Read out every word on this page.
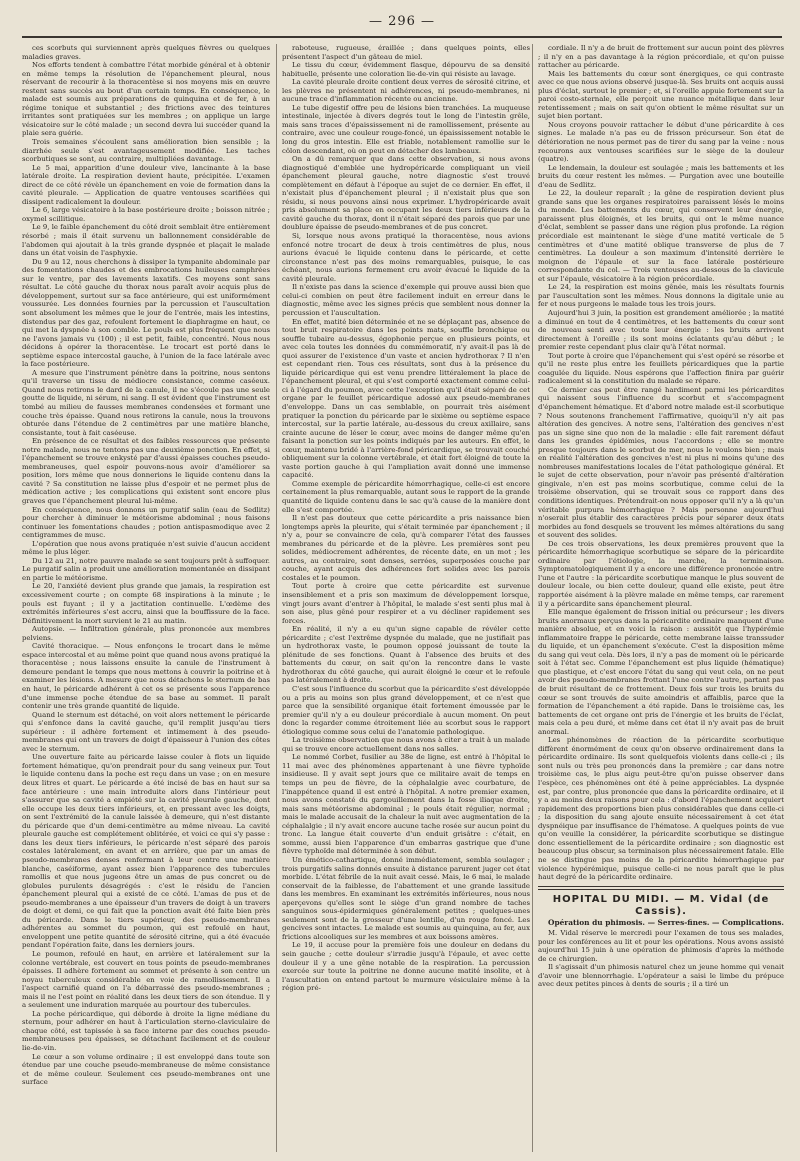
— 296 —

ces scorbuts qui surviennent après quelques fièvres ou quelques maladies graves.

Nos efforts tendent à combattre l'état morbide général et à obtenir en même temps la résolution de l'épanchement pleural, nous réservant de recourir à la thoracentèse si nos moyens mis en œuvre restent sans succès au bout d'un certain temps. En conséquence, le malade est soumis aux préparations de quinquina et de fer, à un régime tonique et substantiel ; des frictions avec des teintures irritantes sont pratiquées sur les membres ; on applique un large vésicatoire sur le côté malade ; un second devra lui succéder quand la plaie sera guérie.

Trois semaines s'écoulent sans amélioration bien sensible ; la diarrhée seule s'est avantageusement modifiée. Les taches scorbutiques se sont, au contraire, multipliées davantage.

Le 5 mai, apparition d'une douleur vive, lancinante à la base latérale droite. La respiration devient haute, précipitée. L'examen direct de ce côté révèle un épanchement en voie de formation dans la cavité pleurale. — Application de quatre ventouses scarifiées qui dissipent radicalement la douleur.

Le 6, large vésicatoire à la base postérieure droite ; boisson nitrée ; oxymel scillitique.

Le 9, le faible épanchement du côté droit semblait être entièrement résorbé ; mais il était survenu un ballonnement considérable de l'abdomen qui ajoutait à la très grande dyspnée et plaçait le malade dans un état voisin de l'asphyxie.

Du 9 au 12, nous cherchons à dissiper la tympanite abdominale par des fomentations chaudes et des embrocations huileuses camphrées sur le ventre, par des lavements laxatifs. Ces moyens sont sans résultat. Le côté gauche du thorax nous paraît avoir acquis plus de développement, surtout sur sa face antérieure, qui est uniformément voussurée. Les données fournies par la percussion et l'auscultation sont absolument les mêmes que le jour de l'entrée, mais les intestins, distendus par des gaz, refoulent fortement le diaphragme en haut, ce qui met la dyspnée à son comble. Le pouls est plus fréquent que nous ne l'avons jamais vu (100) ; il est petit, faible, concentré. Nous nous décidons à opérer la thoracentèse. Le trocart est porté dans le septième espace intercostal gauche, à l'union de la face latérale avec la face postérieure.

A mesure que l'instrument pénètre dans la poitrine, nous sentons qu'il traverse un tissu de médiocre consistance, comme caséeux. Quand nous retirons le dard de la canule, il ne s'écoule pas une seule goutte de liquide, ni sérum, ni sang. Il est évident que l'instrument est tombé au milieu de fausses membranes condensées et formant une couche très épaisse. Quand nous retirons la canule, nous la trouvons obturée dans l'étendue de 2 centimètres par une matière blanche, consistante, tout à fait caséeuse.

En présence de ce résultat et des faibles ressources que présente notre malade, nous ne tentons pas une deuxième ponction. En effet, si l'épanchement se trouve enkysté par d'aussi épaisses couches pseudo-membraneuses, quel espoir pouvons-nous avoir d'améliorer sa position, lors même que nous donnerions le liquide contenu dans la cavité ? Sa constitution ne laisse plus d'espoir et ne permet plus de médication active ; les complications qui existent sont encore plus graves que l'épanchement pleural lui-même.

En conséquence, nous donnons un purgatif salin (eau de Sedlitz) pour chercher à diminuer le météorisme abdominal ; nous faisons continuer les fomentations chaudes ; potion antispasmodique avec 2 centigrammes de musc.

L'opération que nous avons pratiquée n'est suivie d'aucun accident même le plus léger.

Du 12 au 21, notre pauvre malade se sent toujours prêt à suffoquer. Le purgatif salin a produit une amélioration momentanée en dissipant en partie le météorisme.

Le 20, l'anxiété devient plus grande que jamais, la respiration est excessivement courte ; on compte 68 inspirations à la minute ; le pouls est fuyant ; il y a jactitation continuelle. L'œdème des extrémités inférieures s'est accru, ainsi que la bouffissure de la face. Définitivement la mort survient le 21 au matin.

Autopsie. — Infiltration générale, plus prononcée aux membres pelviens.

Cavité thoracique. — Nous enfonçons le trocart dans le même espace intercostal et au même point que quand nous avons pratiqué la thoracentèse ; nous laissons ensuite la canule de l'instrument à demeure pendant le temps que nous mettons à couvrir la poitrine et à examiner les lésions. A mesure que nous détachons le sternum de bas en haut, le péricarde adhérent à cet os se présente sous l'apparence d'une immense poche étendue de sa base au sommet. Il paraît contenir une très grande quantité de liquide.

Quand le sternum est détaché, on voit alors nettement le péricarde qui s'enfonce dans la cavité gauche, qu'il remplit jusqu'au tiers supérieur : il adhère fortement et intimement à des pseudo-membranes qui ont un travers de doigt d'épaisseur à l'union des côtes avec le sternum.

Une ouverture faite au péricarde laisse couler à flots un liquide fortement hématique, qu'on prendrait pour du sang veineux pur. Tout le liquide contenu dans la poche est reçu dans un vase ; on en mesure deux litres et quart. Le péricarde a été incisé de bas en haut sur sa face antérieure : une main introduite alors dans l'intérieur peut s'assurer que sa cavité a empiété sur la cavité pleurale gauche, dont elle occupe les deux tiers inférieurs, et, en pressant avec les doigts, on sent l'extrémité de la canule laissée à demeure, qui n'est distante du péricarde que d'un demi-centimètre au même niveau. La cavité pleurale gauche est complétement oblitérée, et voici ce qui s'y passe : dans les deux tiers inférieurs, le péricarde n'est séparé des parois costales latéralement, en avant et en arrière, que par un amas de pseudo-membranes denses renfermant à leur centre une matière blanche, caséiforme, ayant assez bien l'apparence des tubercules ramollis et que nous jugeons être un amas de pus concret ou de globules purulents désagrégés : c'est le résidu de l'ancien épanchement pleural qui a existé de ce côté. L'amas de pus et de pseudo-membranes a une épaisseur d'un travers de doigt à un travers de doigt et demi, ce qui fait que la ponction avait été faite bien près du péricarde. Dans le tiers supérieur, des pseudo-membranes adhérentes au sommet du poumon, qui est refoulé en haut, enveloppent une petite quantité de sérosité citrine, qui a été évacuée pendant l'opération faite, dans les derniers jours.

Le poumon, refoulé en haut, en arrière et latéralement sur la colonne vertébrale, est couvert en tous points de pseudo-membranes épaisses. Il adhère fortement au sommet et présente à son centre un noyau tuberculeux considérable en voie de ramollissement. Il a l'aspect carnifié quand on l'a débarrassé des pseudo-membranes ; mais il ne l'est point en réalité dans les deux tiers de son étendue. Il y a seulement une induration marquée au pourtour des tubercules.

La poche péricardique, qui déborde à droite la ligne médiane du sternum, pour adhérer en haut à l'articulation sterno-claviculaire de chaque côté, est tapissée à sa face interne par des couches pseudo-membraneuses peu épaisses, se détachant facilement et de couleur lie-de-vin.

Le cœur a son volume ordinaire ; il est enveloppé dans toute son étendue par une couche pseudo-membraneuse de même consistance et de même couleur. Seulement ces pseudo-membranes ont une surface

raboteuse, rugueuse, éraillée ; dans quelques points, elles présentent l'aspect d'un gâteau de miel.

Le tissu du cœur, évidemment flasque, dépourvu de sa densité habituelle, présente une coloration lie-de-vin qui résiste au lavage.

La cavité pleurale droite contient deux verres de sérosité citrine, et les plèvres ne présentent ni adhérences, ni pseudo-membranes, ni aucune trace d'inflammation récente ou ancienne.

Le tube digestif offre peu de lésions bien tranchées. La muqueuse intestinale, injectée à divers degrés tout le long de l'intestin grêle, mais sans traces d'épaississement ni de ramollissement, présente au contraire, avec une couleur rouge-foncé, un épaississement notable le long du gros intestin. Elle est friable, notablement ramollie sur le côlon descendant, où on peut en détacher des lambeaux.

On a dû remarquer que dans cette observation, si nous avons diagnostiqué d'emblée une hydropéricarde compliquant un vieil épanchement pleural gauche, notre diagnostic s'est trouvé complètement en défaut à l'époque au sujet de ce dernier. En effet, il n'existait plus d'épanchement pleural ; il n'existait plus que son résidu, si nous pouvons ainsi nous exprimer. L'hydropéricarde avait pris absolument sa place en occupant les deux tiers inférieurs de la cavité gauche du thorax, dont il n'était séparé des parois que par une doublure épaisse de pseudo-membranes et de pus concret.

Si, lorsque nous avons pratiqué la thoracentèse, nous avions enfoncé notre trocart de deux à trois centimètres de plus, nous aurions évacué le liquide contenu dans le péricarde, et cette circonstance n'est pas des moins remarquables, puisque, le cas échéant, nous aurions fermement cru avoir évacué le liquide de la cavité pleurale.

Il n'existe pas dans la science d'exemple qui prouve aussi bien que celui-ci combien on peut être facilement induit en erreur dans le diagnostic, même avec les signes précis que semblent nous donner la percussion et l'auscultation.

En effet, matité bien déterminée et ne se déplaçant pas, absence de tout bruit respiratoire dans les points mats, souffle bronchique ou souffle tubaire au-dessus, égophonie perçue en plusieurs points, et avec cela toutes les données du commémoratif, n'y avait-il pas là de quoi assurer de l'existence d'un vaste et ancien hydrothorax ? Il n'en est cependant rien. Tous ces résultats, sont dus à la présence du liquide péricardique qui est venu prendre littéralement la place de l'épanchement pleural, et qui s'est comporté exactement comme celui-ci à l'égard du poumon, avec cette l'exception qu'il était séparé de cet organe par le feuillet péricardique adossé aux pseudo-membranes d'enveloppe. Dans un cas semblable, on pourrait très aisément pratiquer la ponction du péricarde par le sixième ou septième espace intercostal, sur la partie latérale, au-dessous du creux axillaire, sans crainte aucune de léser le cœur, avec moins de danger même qu'en faisant la ponction sur les points indiqués par les auteurs. En effet, le cœur, maintenu bridé à l'arrière-fond péricardique, se trouvait couché obliquement sur la colonne vertébrale, et était fort éloigné de toute la vaste portion gauche à qui l'ampliation avait donné une immense capacité.

Comme exemple de péricardite hémorrhagique, celle-ci est encore certainement la plus remarquable, autant sous le rapport de la grande quantité de liquide contenu dans le sac qu'à cause de la manière dont elle s'est comportée.

Il n'est pas douteux que cette péricardite a pris naissance bien longtemps après la pleurite, qui s'était terminée par épanchement ; il n'y a, pour se convaincre de cela, qu'à comparer l'état des fausses membranes du péricarde et de la plèvre. Les premières sont peu solides, médiocrement adhérentes, de récente date, en un mot ; les autres, au contraire, sont denses, serrées, superposées couche par couche, ayant acquis des adhérences fort solides avec les parois costales et le poumon.

Tout porte à croire que cette péricardite est survenue insensiblement et a pris son maximum de développement lorsque, vingt jours avant d'entrer à l'hôpital, le malade s'est senti plus mal à son aise, plus gêné pour respirer et a vu décliner rapidement ses forces.

En réalité, il n'y a eu qu'un signe capable de révéler cette péricardite ; c'est l'extrême dyspnée du malade, que ne justifiait pas un hydrothorax vaste, le poumon opposé jouissant de toute la plénitude de ses fonctions. Quant à l'absence des bruits et des battements du cœur, on sait qu'on la rencontre dans le vaste hydrothorax du côté gauche, qui aurait éloigné le cœur et le refoule pas latéralement à droite.

C'est sous l'influence du scorbut que la péricardite s'est développée ou a pris au moins son plus grand développement, et ce n'est que parce que la sensibilité organique était fortement émoussée par le premier qu'il n'y a eu douleur précordiale à aucun moment. On peut donc la regarder comme étroitement liée au scorbut sous le rapport étiologique comme sous celui de l'anatomie pathologique.

La troisième observation que nous avons à citer a trait à un malade qui se trouve encore actuellement dans nos salles.

Le nommé Corbet, fusilier au 38e de ligne, est entré à l'hôpital le 11 mai avec des phénomènes appartenant à une fièvre typhoïde insidieuse. Il y avait sept jours que ce militaire avait de temps en temps un peu de fièvre, de la céphalalgie avec courbature, de l'inappétence quand il est entré à l'hôpital. A notre premier examen, nous avons constaté du gargouillement dans la fosse iliaque droite, mais sans météorisme abdominal ; le pouls était régulier, normal ; mais le malade accusait de la chaleur la nuit avec augmentation de la céphalalgie ; il n'y avait encore aucune tache rosée sur aucun point du tronc. La langue était couverte d'un enduit grisâtre : c'était, en somme, aussi bien l'apparence d'un embarras gastrique que d'une fièvre typhoïde mal déterminée à son début.

Un émético-cathartique, donné immédiatement, sembla soulager ; trois purgatifs salins donnés ensuite à distance parurent juger cet état morbide. L'état fébrile de la nuit avait cessé. Mais, le 6 mai, le malade conservait de la faiblesse, de l'abattement et une grande lassitude dans les membres. En examinant les extrémités inférieures, nous nous aperçevons qu'elles sont le siège d'un grand nombre de taches sanguinos sous-épidermiques généralement petites ; quelques-unes seulement sont de la grosseur d'une lentille, d'un rouge foncé. Les gencives sont intactes. Le malade est soumis au quinquina, au fer, aux frictions alcooliques sur les membres et aux boissons amères.

Le 19, il accuse pour la première fois une douleur en dedans du sein gauche ; cette douleur s'irradie jusqu'à l'épaule, et avec cette douleur il y a une gêne notable de la respiration. La percussion exercée sur toute la poitrine ne donne aucune matité insolite, et à l'auscultation on entend partout le murmure vésiculaire même à la région pré-

cordiale. Il n'y a de bruit de frottement sur aucun point des plèvres ; il n'y en a pas davantage à la région précordiale, et qu'on puisse rattacher au péricarde.

Mais les battements du cœur sont énergiques, ce qui contraste avec ce que nous avions observé jusque-là. Ses bruits ont acquis aussi plus d'éclat, surtout le premier ; et, si l'oreille appuie fortement sur la paroi costo-sternale, elle perçoit une nuance métallique dans leur retentissement ; mais on sait qu'on obtient le même résultat sur un sujet bien portant.

Nous croyons pouvoir rattacher le début d'une péricardite à ces signes. Le malade n'a pas eu de frisson précurseur. Son état de détérioration ne nous permet pas de tirer du sang par la veine : nous recourons aux ventouses scarifiées sur le siège de la douleur (quatre).

Le lendemain, la douleur est soulagée ; mais les battements et les bruits du cœur restent les mêmes. — Purgation avec une bouteille d'eau de Sedlitz.

Le 22, la douleur reparaît ; la gêne de respiration devient plus grande sans que les organes respiratoires paraissent lésés le moins du monde. Les battements du cœur, qui conservent leur énergie, paraissent plus éloignés, et les bruits, qui ont le même nuance d'éclat, semblent se passer dans une région plus profonde. La région précordiale est maintenant le siège d'une matité verticale de 5 centimètres et d'une matité oblique transverse de plus de 7 centimètres. La douleur a son maximum d'intensité derrière le moignon de l'épaule et sur la face latérale postérieure correspondante du col. — Trois ventouses au-dessous de la clavicule et sur l'épaule, vésicatoire à la région précordiale.

Le 24, la respiration est moins gênée, mais les résultats fournis par l'auscultation sont les mêmes. Nous donnons la digitale unie au fer et nous purgeons le malade tous les trois jours.

Aujourd'hui 3 juin, la position est grandement améliorée ; la matité a diminué en tout de 4 centimètres, et les battements du cœur sont de nouveau senti avec toute leur énergie : les bruits arrivent directement à l'oreille ; ils sont moins éclatants qu'au début ; le premier reste cependant plus clair qu'à l'état normal.

Tout porte à croire que l'épanchement qui s'est opéré se résorbe et qu'il ne reste plus entre les feuillets péricardiques que la partie coagulée du liquide. Nous espérons que l'affection finira par guérir radicalement si la constitution du malade se répare.

Ce dernier cas peut être rangé hardiment parmi les péricardites qui naissent sous l'influence du scorbut et s'accompagnent d'épanchement hématique. Et d'abord notre malade est-il scorbutique ? Nous soutenons franchement l'affirmative, quoiqu'il n'y ait pas altération des gencives. A notre sens, l'altération des gencives n'est pas un signe sine quo non de la maladie : elle fait rarement défaut dans les grandes épidémies, nous l'accordons ; elle se montre presque toujours dans le scorbut de mer, nous le voulons bien ; mais en réalité l'altération des gencives n'est ni plus ni moins qu'une des nombreuses manifestations locales de l'état pathologique général. Et le sujet de cette observation, pour n'avoir pas présenté d'altération gingivale, n'en est pas moins scorbutique, comme celui de la troisième observation, qui se trouvait sous ce rapport dans des conditions identiques. Prétendrait-on nous opposer qu'il n'y a là qu'un véritable purpura hémorrhagique ? Mais personne aujourd'hui n'oserait plus établir des caractères précis pour séparer deux états morbides au fond desquels se trouvent les mêmes altérations du sang et souvent des solides.

De ces trois observations, les deux premières prouvent que la péricardite hémorrhagique scorbutique se sépare de la péricardite ordinaire par l'étiologie, la marche, la terminaison. Symptomatologiquement il y a encore une différence prononcée entre l'une et l'autre : la péricardite scorbutique manque le plus souvent de douleur locale, ou bien cette douleur, quand elle existe, peut être rapportée aisément à la plèvre malade en même temps, car rarement il y a péricardite sans épanchement pleural.

Elle manque également de frisson initial ou précurseur ; les divers bruits anormaux perçus dans la péricardite ordinaire manquent d'une manière absolue, et en voici la raison : aussitôt que l'hypérémie inflammatoire frappe le péricarde, cette membrane laisse transsuder du liquide, et un épanchement s'exécute. C'est la disposition même du sang qui veut cela. Dès lors, il n'y a pas de moment où le péricarde soit à l'état sec. Comme l'épanchement est plus liquide (hématique) que plastique, et c'est encore l'état du sang qui veut cela, on ne peut avoir des pseudo-membranes frottant l'une contre l'autre, partant pas de bruit résultant de ce frottement. Deux fois sur trois les bruits du cœur se sont trouvés de suite amoindris et affaiblis, parce que la formation de l'épanchement a été rapide. Dans le troisième cas, les battements de cet organe ont pris de l'énergie et les bruits de l'éclat, mais cela a peu duré, et même dans cet état il n'y avait pas de bruit anormal.

Les phénomènes de réaction de la péricardite scorbutique diffèrent énormément de ceux qu'on observe ordinairement dans la péricardite ordinaire. Ils sont quelquefois violents dans celle-ci ; ils sont nuls ou très peu prononcés dans la première ; car dans notre troisième cas, le plus aigu peut-être qu'on puisse observer dans l'espèce, ces phénomènes ont été à peine appréciables. La dyspnée est, par contre, plus prononcée que dans la péricardite ordinaire, et il y a au moins deux raisons pour cela : d'abord l'épanchement acquiert rapidement des proportions bien plus considérables que dans celle-ci ; la disposition du sang ajoute ensuite nécessairement à cet état dyspnéique par insuffisance de l'hématose. A quelques points de vue qu'on veuille la considérer, la péricardite scorbutique se distingue donc essentiellement de la péricardite ordinaire ; son diagnostic est beaucoup plus obscur, sa terminaison plus nécessairement fatale. Elle ne se distingue pas moins de la péricardite hémorrhagique par violence hypérémique, puisque celle-ci ne nous paraît que le plus haut degré de la péricardite ordinaire.

HOPITAL DU MIDI. — M. Vidal (de Cassis).
Opération du phimosis. — Serres-fines. — Complications.

M. Vidal réserve le mercredi pour l'examen de tous ses malades, pour les conférences au lit et pour les opérations. Nous avons assisté aujourd'hui 15 juin à une opération de phimosis d'après la méthode de ce chirurgien.

Il s'agissait d'un phimosis naturel chez un jeune homme qui venait d'avoir une blennorrhagie. L'opérateur a saisi le limbe du prépuce avec deux petites pinces à dents de souris ; il a tiré un
